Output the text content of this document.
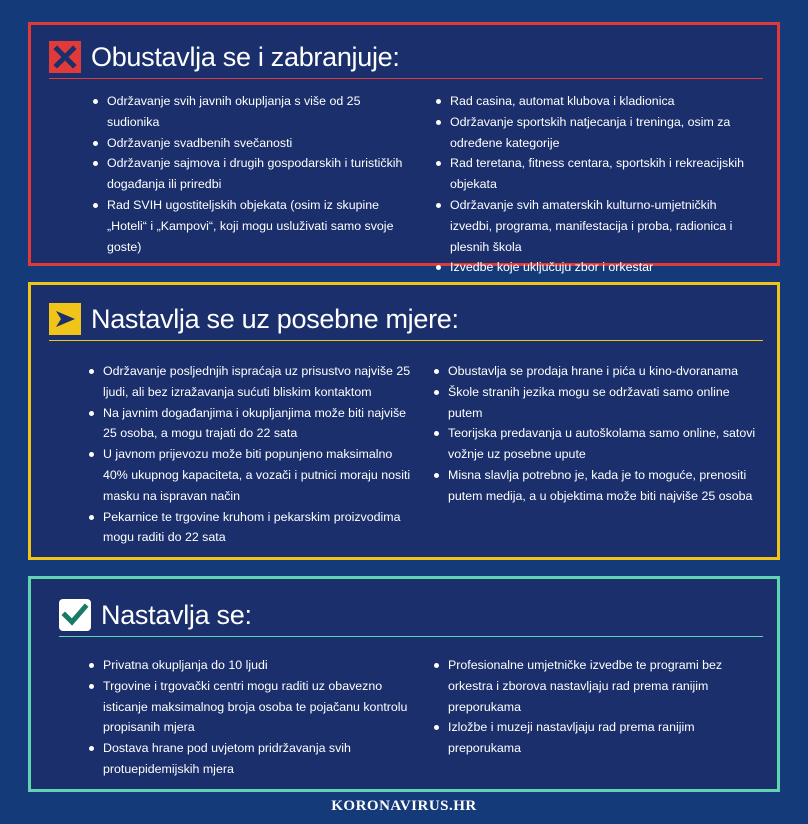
Obustavlja se i zabranjuje:
Održavanje svih javnih okupljanja s više od 25 sudionika
Održavanje svadbenih svečanosti
Održavanje sajmova i drugih gospodarskih i turističkih događanja ili priredbi
Rad SVIH ugostiteljskih objekata (osim iz skupine „Hoteli“ i „Kampovi“, koji mogu usluživati samo svoje goste)
Rad casina, automat klubova i kladionica
Održavanje sportskih natjecanja i treninga, osim za određene kategorije
Rad teretana, fitness centara, sportskih i rekreacijskih objekata
Održavanje svih amaterskih kulturno-umjetničkih izvedbi, programa, manifestacija i proba, radionica i plesnih škola
Izvedbe koje uključuju zbor i orkestar
Nastavlja se uz posebne mjere:
Održavanje posljednjih ispraćaja uz prisustvo najviše 25 ljudi, ali bez izražavanja sućuti bliskim kontaktom
Na javnim događanjima i okupljanjima može biti najviše 25 osoba, a mogu trajati do 22 sata
U javnom prijevozu može biti popunjeno maksimalno 40% ukupnog kapaciteta, a vozači i putnici moraju nositi masku na ispravan način
Pekarnice te trgovine kruhom i pekarskim proizvodima mogu raditi do 22 sata
Obustavlja se prodaja hrane i pića u kino-dvoranama
Škole stranih jezika mogu se održavati samo online putem
Teorijska predavanja u autoškolama samo online, satovi vožnje uz posebne upute
Misna slavlja potrebno je, kada je to moguće, prenositi putem medija, a u objektima može biti najviše 25 osoba
Nastavlja se:
Privatna okupljanja do 10 ljudi
Trgovine i trgovački centri mogu raditi uz obavezno isticanje maksimalnog broja osoba te pojačanu kontrolu propisanih mjera
Dostava hrane pod uvjetom pridržavanja svih protuepidemijskih mjera
Profesionalne umjetničke izvedbe te programi bez orkestra i zborova nastavljaju rad prema ranijim preporukama
Izložbe i muzeji nastavljaju rad prema ranijim preporukama
KORONAVIRUS.HR
